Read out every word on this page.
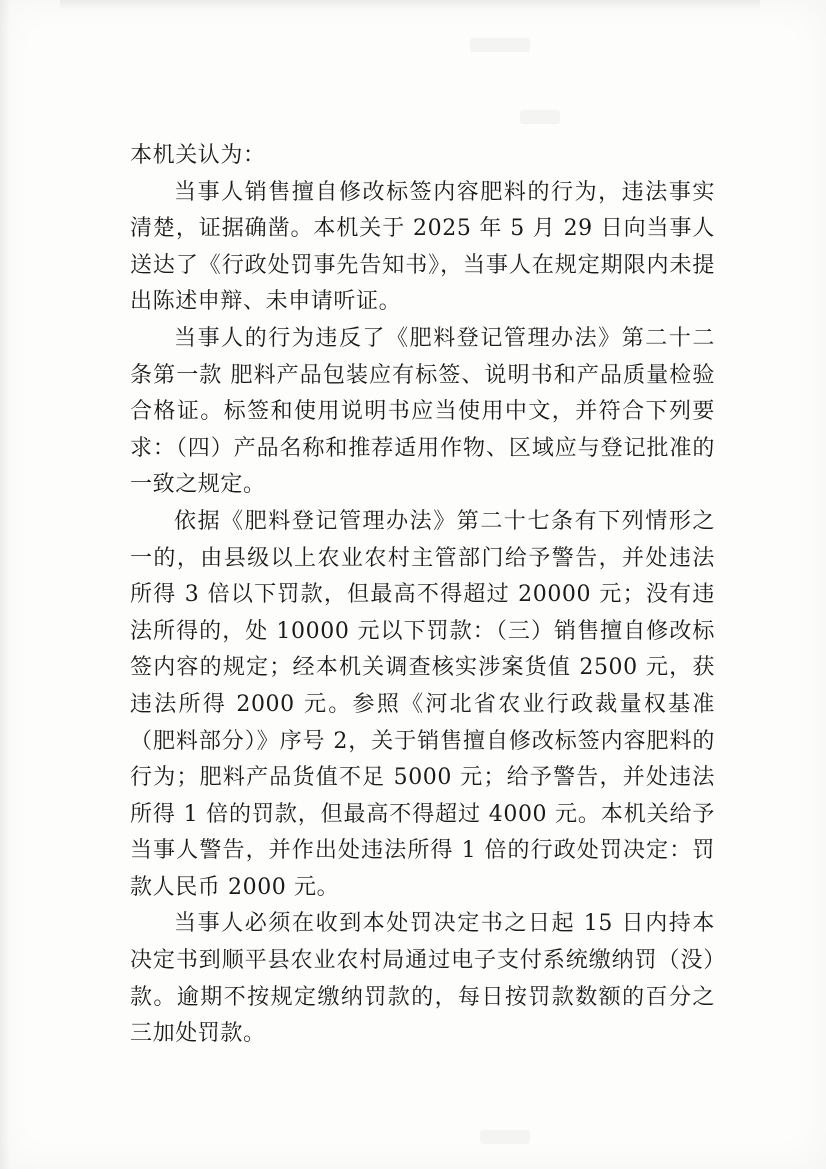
本机关认为：

当事人销售擅自修改标签内容肥料的行为，违法事实清楚，证据确凿。本机关于 2025 年 5 月 29 日向当事人送达了《行政处罚事先告知书》，当事人在规定期限内未提出陈述申辩、未申请听证。

当事人的行为违反了《肥料登记管理办法》第二十二条第一款 肥料产品包装应有标签、说明书和产品质量检验合格证。标签和使用说明书应当使用中文，并符合下列要求：（四）产品名称和推荐适用作物、区域应与登记批准的一致之规定。

依据《肥料登记管理办法》第二十七条有下列情形之一的，由县级以上农业农村主管部门给予警告，并处违法所得 3 倍以下罚款，但最高不得超过 20000 元；没有违法所得的，处 10000 元以下罚款：（三）销售擅自修改标签内容的规定；经本机关调查核实涉案货值 2500 元，获违法所得 2000 元。参照《河北省农业行政裁量权基准（肥料部分）》序号 2，关于销售擅自修改标签内容肥料的行为；肥料产品货值不足 5000 元；给予警告，并处违法所得 1 倍的罚款，但最高不得超过 4000 元。本机关给予当事人警告，并作出处违法所得 1 倍的行政处罚决定：罚款人民币 2000 元。

当事人必须在收到本处罚决定书之日起 15 日内持本决定书到顺平县农业农村局通过电子支付系统缴纳罚（没）款。逾期不按规定缴纳罚款的，每日按罚款数额的百分之三加处罚款。
